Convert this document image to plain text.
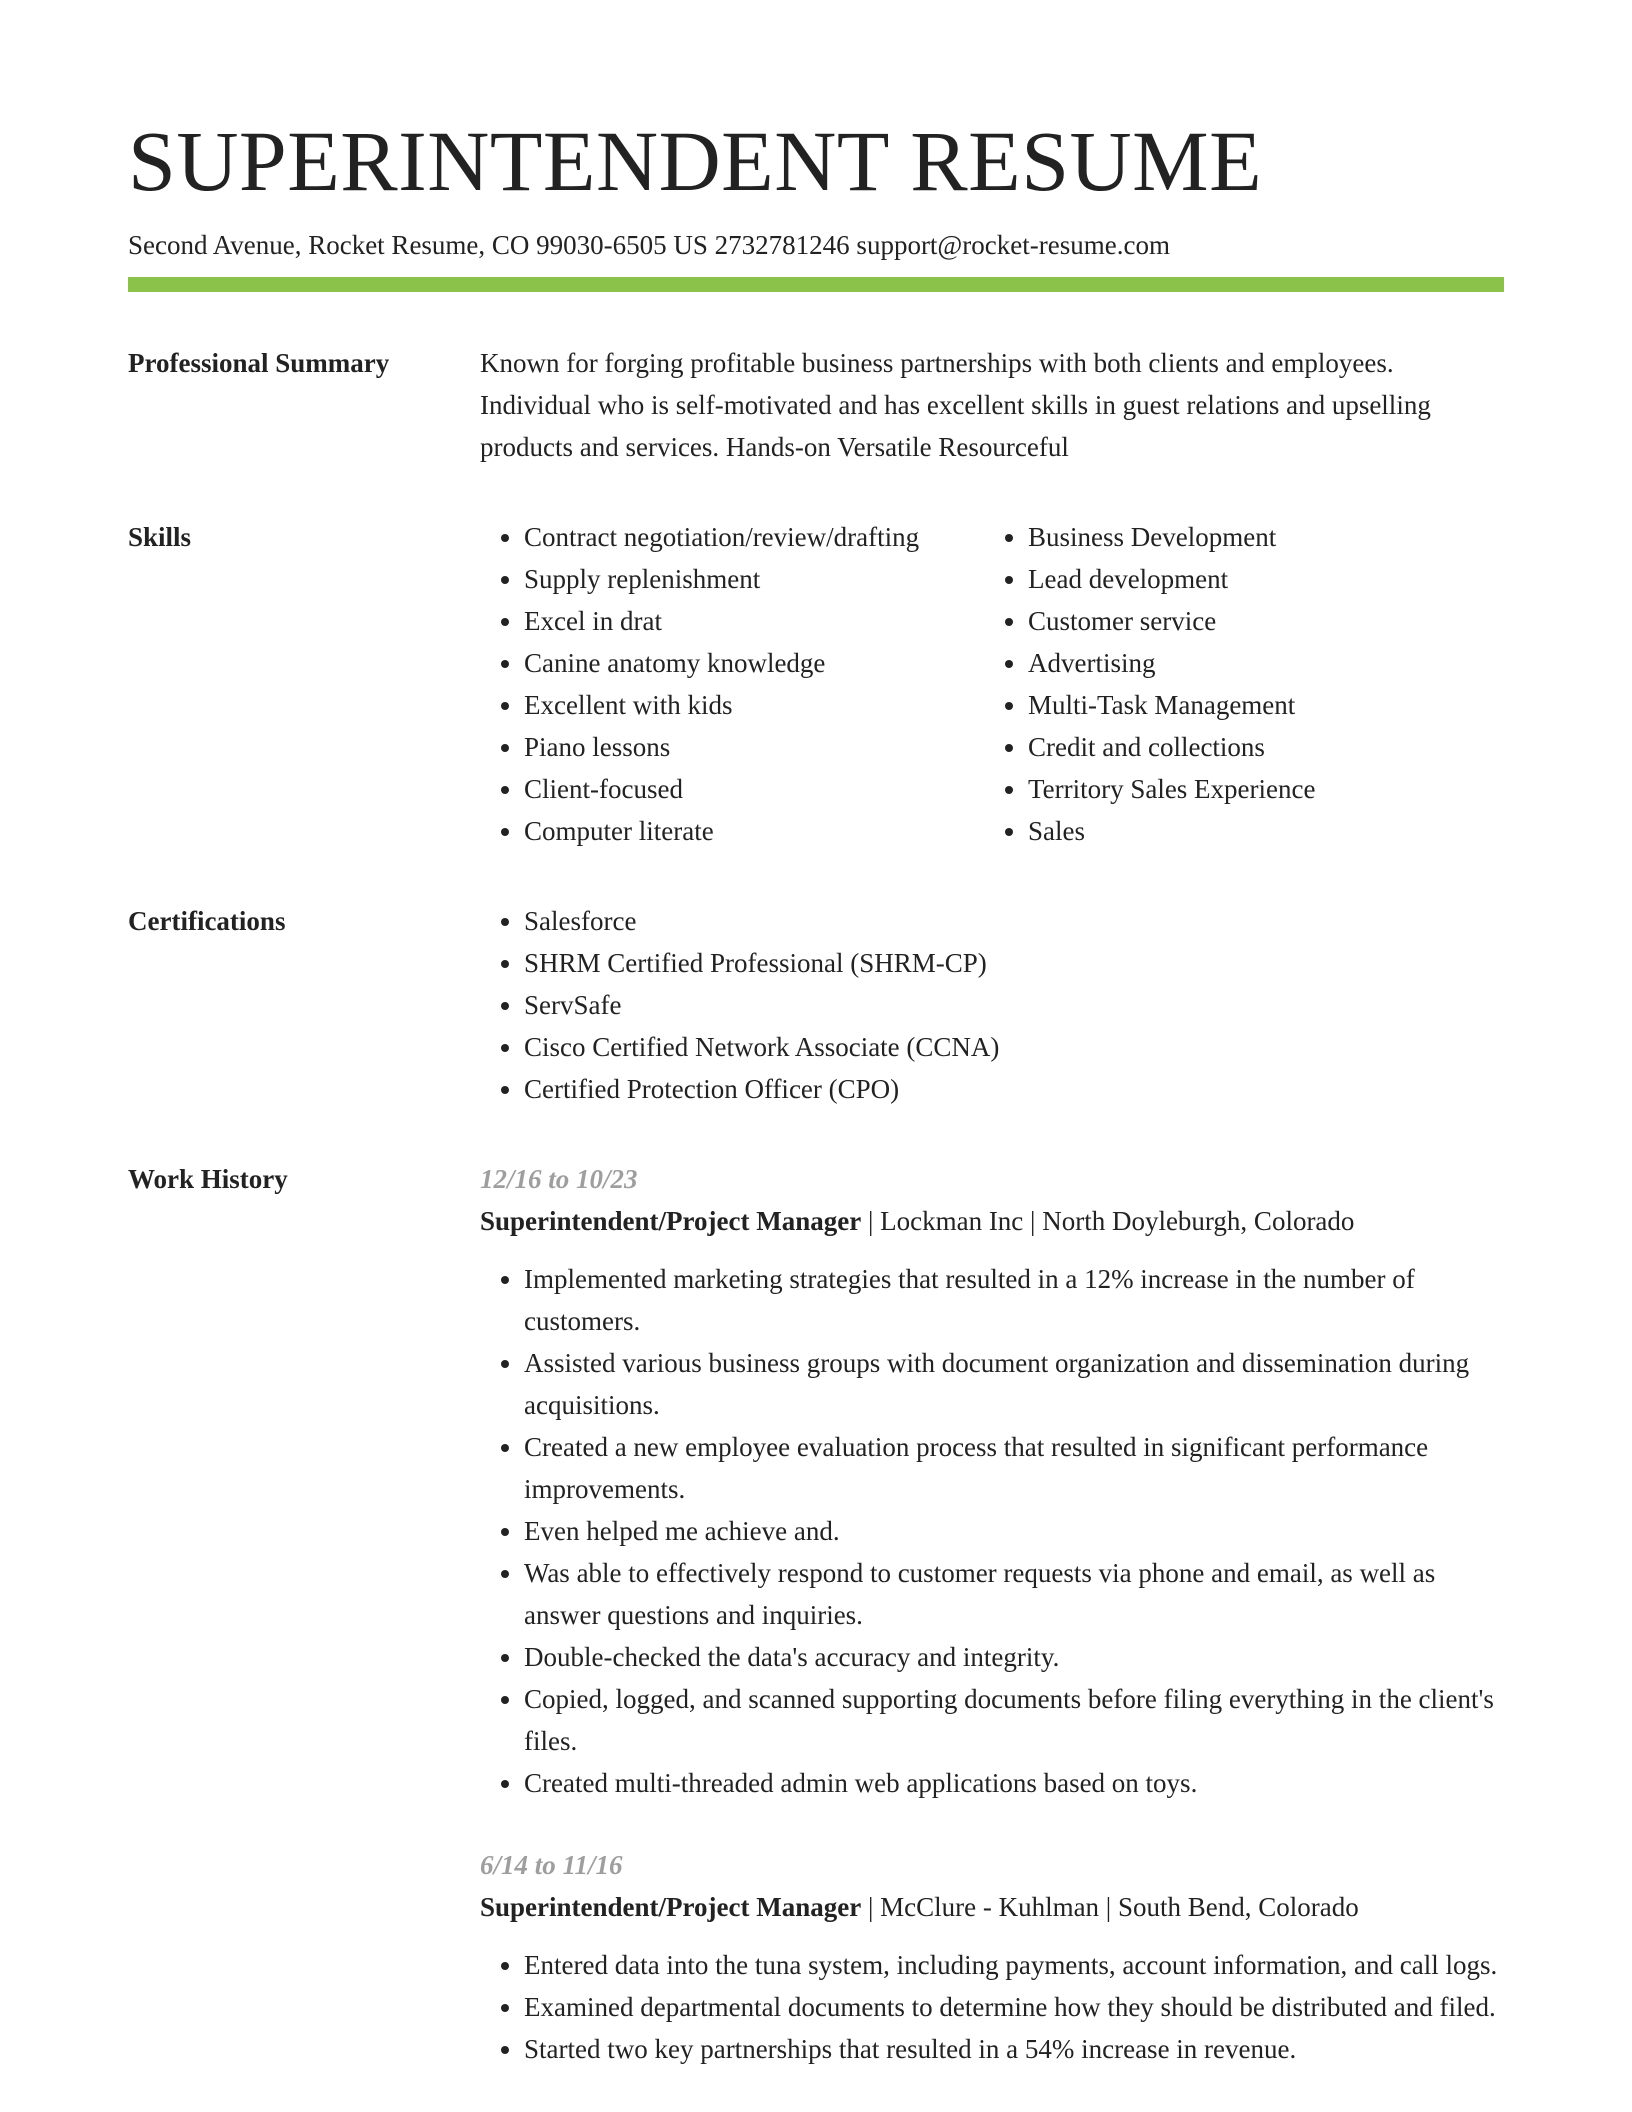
SUPERINTENDENT RESUME
Second Avenue, Rocket Resume, CO 99030-6505 US 2732781246 support@rocket-resume.com
Professional Summary	Known for forging profitable business partnerships with both clients and employees. Individual who is self-motivated and has excellent skills in guest relations and upselling products and services. Hands-on Versatile Resourceful

Skills	• Contract negotiation/review/drafting
• Supply replenishment
• Excel in drat
• Canine anatomy knowledge
• Excellent with kids
• Piano lessons
• Client-focused
• Computer literate
• Business Development
• Lead development
• Customer service
• Advertising
• Multi-Task Management
• Credit and collections
• Territory Sales Experience
• Sales
Certifications	• Salesforce
• SHRM Certified Professional (SHRM-CP)
• ServSafe
• Cisco Certified Network Associate (CCNA)
• Certified Protection Officer (CPO)
Work History	12/16 to 10/23
Superintendent/Project Manager | Lockman Inc | North Doyleburgh, Colorado
• Implemented marketing strategies that resulted in a 12% increase in the number of customers.
• Assisted various business groups with document organization and dissemination during acquisitions.
• Created a new employee evaluation process that resulted in significant performance improvements.
• Even helped me achieve and.
• Was able to effectively respond to customer requests via phone and email, as well as answer questions and inquiries.
• Double-checked the data's accuracy and integrity.
• Copied, logged, and scanned supporting documents before filing everything in the client's files.
• Created multi-threaded admin web applications based on toys.
6/14 to 11/16
Superintendent/Project Manager | McClure - Kuhlman | South Bend, Colorado
• Entered data into the tuna system, including payments, account information, and call logs.
• Examined departmental documents to determine how they should be distributed and filed.
• Started two key partnerships that resulted in a 54% increase in revenue.
